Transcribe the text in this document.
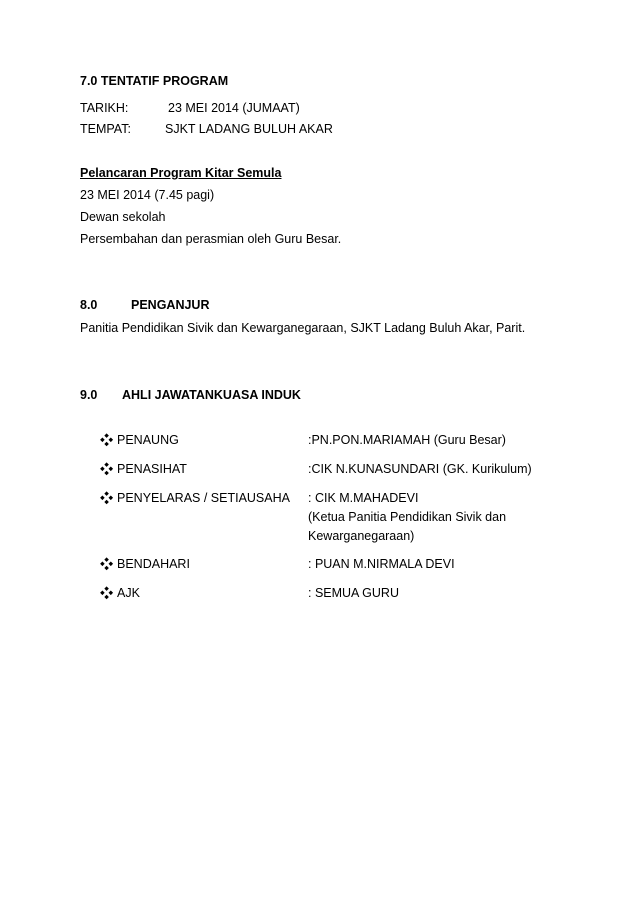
7.0 TENTATIF PROGRAM
TARIKH:	23 MEI 2014 (JUMAAT)
TEMPAT:	SJKT LADANG BULUH AKAR
Pelancaran Program Kitar Semula
23 MEI 2014 (7.45 pagi)
Dewan sekolah
Persembahan dan perasmian oleh Guru Besar.
8.0	PENGANJUR
Panitia Pendidikan Sivik dan Kewarganegaraan, SJKT Ladang Buluh Akar, Parit.
9.0 AHLI JAWATANKUASA INDUK
PENAUNG	:PN.PON.MARIAMAH (Guru Besar)
PENASIHAT	:CIK N.KUNASUNDARI (GK. Kurikulum)
PENYELARAS / SETIAUSAHA : CIK M.MAHADEVI
(Ketua Panitia Pendidikan Sivik dan
Kewarganegaraan)
BENDAHARI	: PUAN M.NIRMALA DEVI
AJK	: SEMUA GURU
